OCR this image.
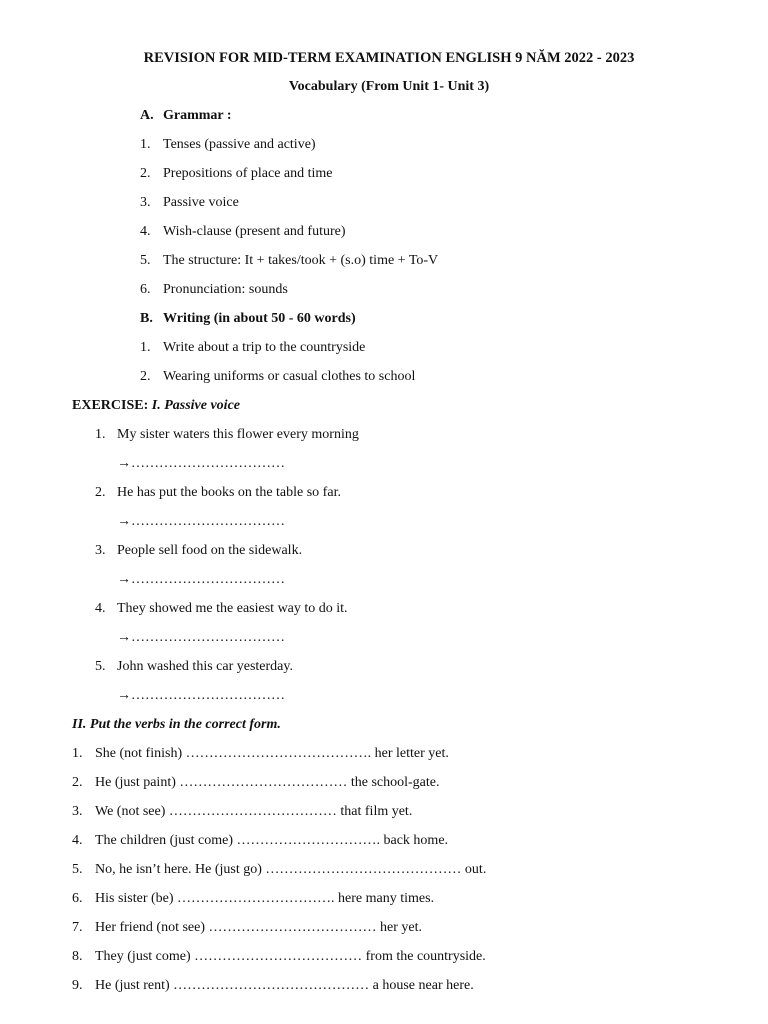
REVISION FOR MID-TERM EXAMINATION ENGLISH 9 NĂM 2022 - 2023
Vocabulary (From Unit 1- Unit 3)
A. Grammar :
1. Tenses (passive and active)
2. Prepositions of place and time
3. Passive voice
4. Wish-clause (present and future)
5. The structure: It + takes/took + (s.o) time + To-V
6. Pronunciation: sounds
B. Writing (in about 50 - 60 words)
1. Write about a trip to the countryside
2. Wearing uniforms or casual clothes to school
EXERCISE: I. Passive voice
1. My sister waters this flower every morning
→……………………………
2. He has put the books on the table so far.
→……………………………
3. People sell food on the sidewalk.
→……………………………
4. They showed me the easiest way to do it.
→……………………………
5. John washed this car yesterday.
→……………………………
II. Put the verbs in the correct form.
1. She (not finish) …………………………………. her letter yet.
2. He (just paint) ……………………………… the school-gate.
3. We (not see) ……………………………… that film yet.
4. The children (just come) …………………………. back home.
5. No, he isn’t here. He (just go) …………………………………… out.
6. His sister (be) ……………………………. here many times.
7. Her friend (not see) ……………………………… her yet.
8. They (just come) ……………………………… from the countryside.
9. He (just rent) …………………………………… a house near here.
